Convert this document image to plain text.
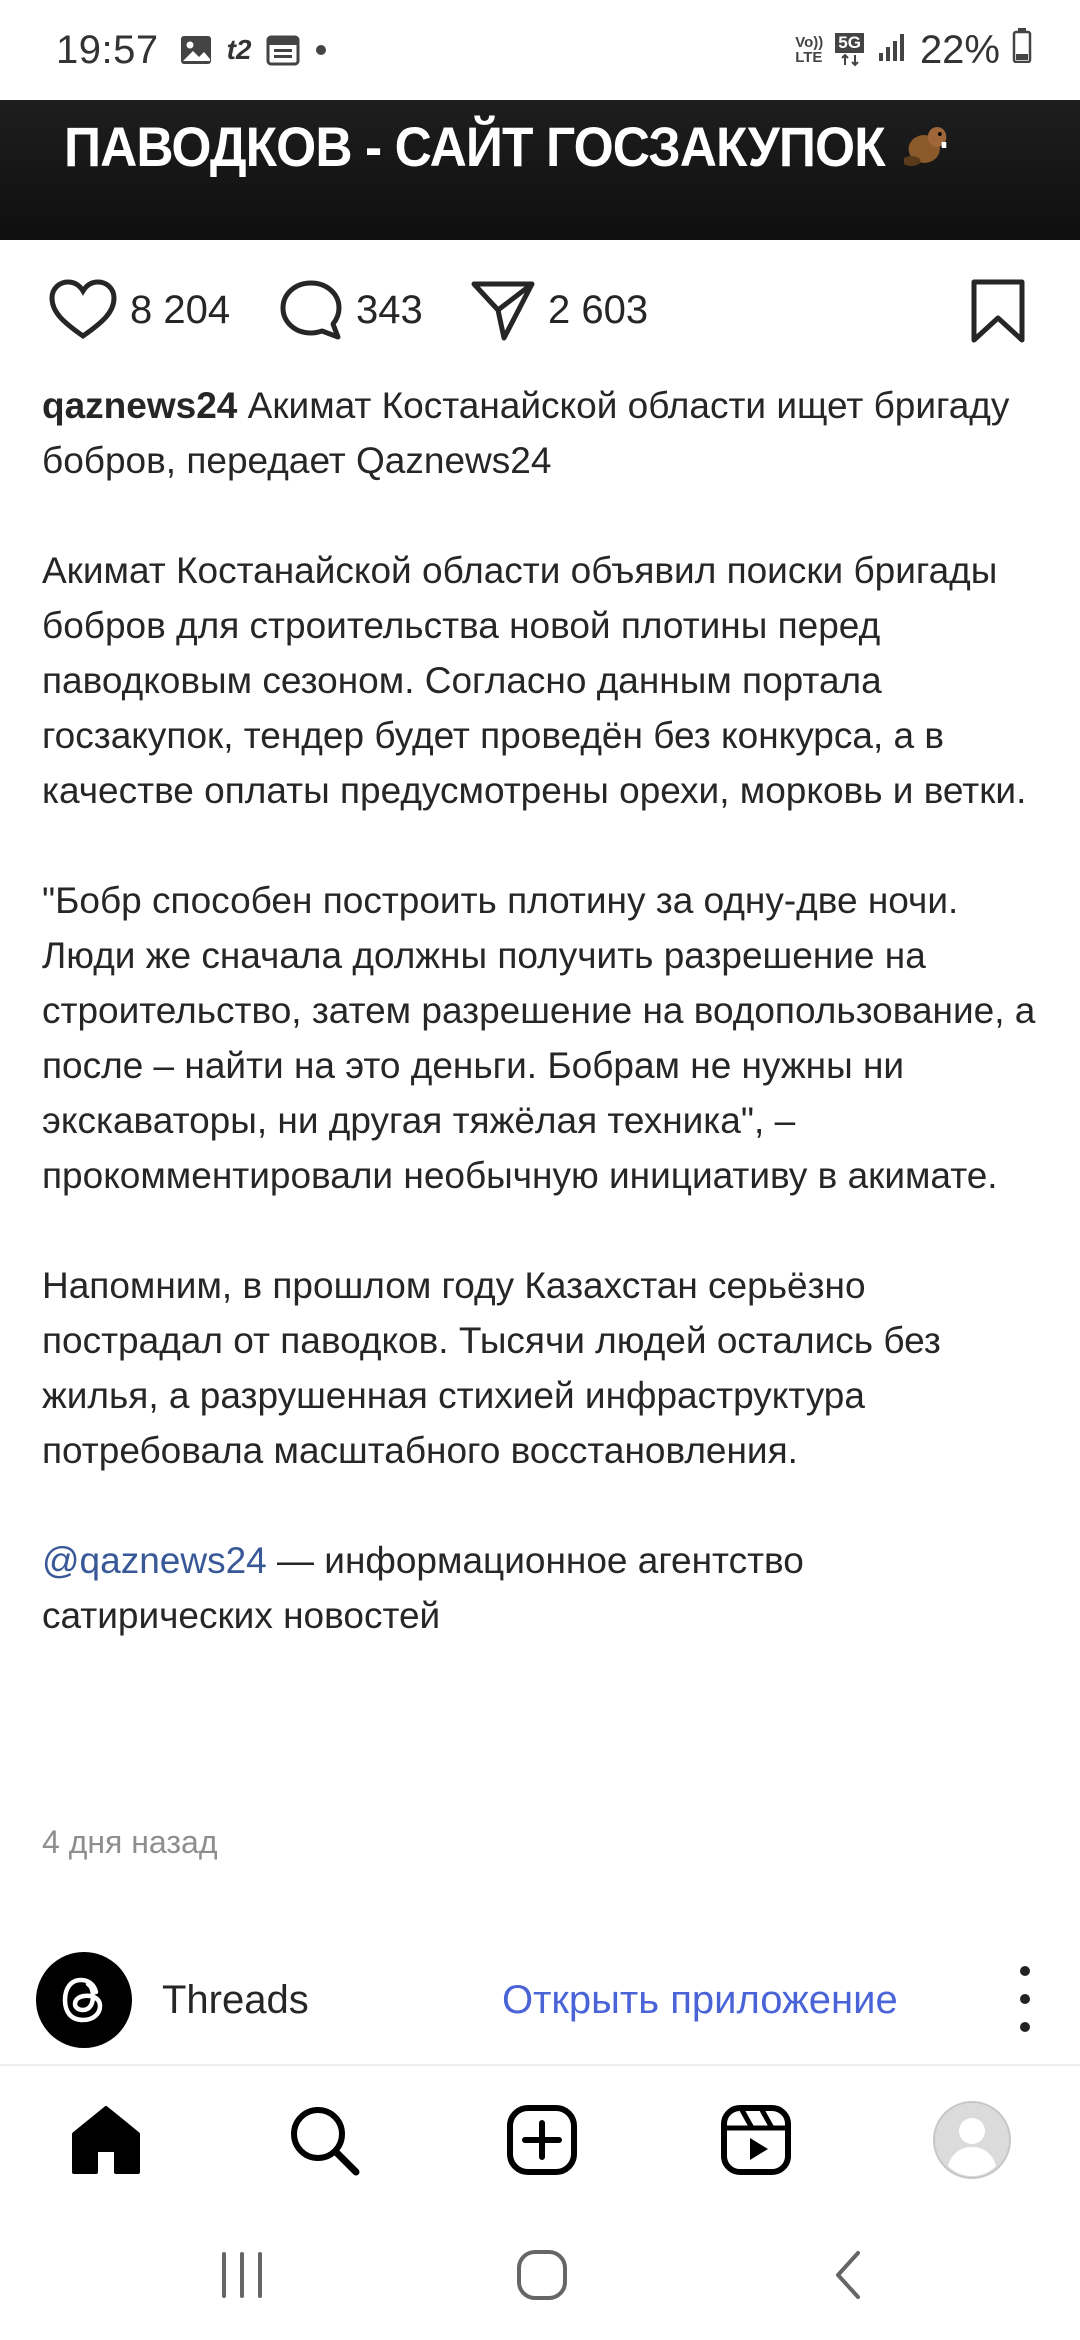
19:57 t2	Vo))
LTE
5G 22%
ПАВОДКОВ - САЙТ ГОСЗАКУПОК
8 204	343	2 603

qaznews24 Акимат Костанайской области ищет бригаду бобров, передает Qaznews24

Акимат Костанайской области объявил поиски бригады бобров для строительства новой плотины перед паводковым сезоном. Согласно данным портала госзакупок, тендер будет проведён без конкурса, а в качестве оплаты предусмотрены орехи, морковь и ветки.

"Бобр способен построить плотину за одну-две ночи. Люди же сначала должны получить разрешение на строительство, затем разрешение на водопользование, а после – найти на это деньги. Бобрам не нужны ни экскаваторы, ни другая тяжёлая техника", – прокомментировали необычную инициативу в акимате.

Напомним, в прошлом году Казахстан серьёзно пострадал от паводков. Тысячи людей остались без жилья, а разрушенная стихией инфраструктура потребовала масштабного восстановления.

@qaznews24 — информационное агентство сатирических новостей

4 дня назад
Threads	Открыть приложение
